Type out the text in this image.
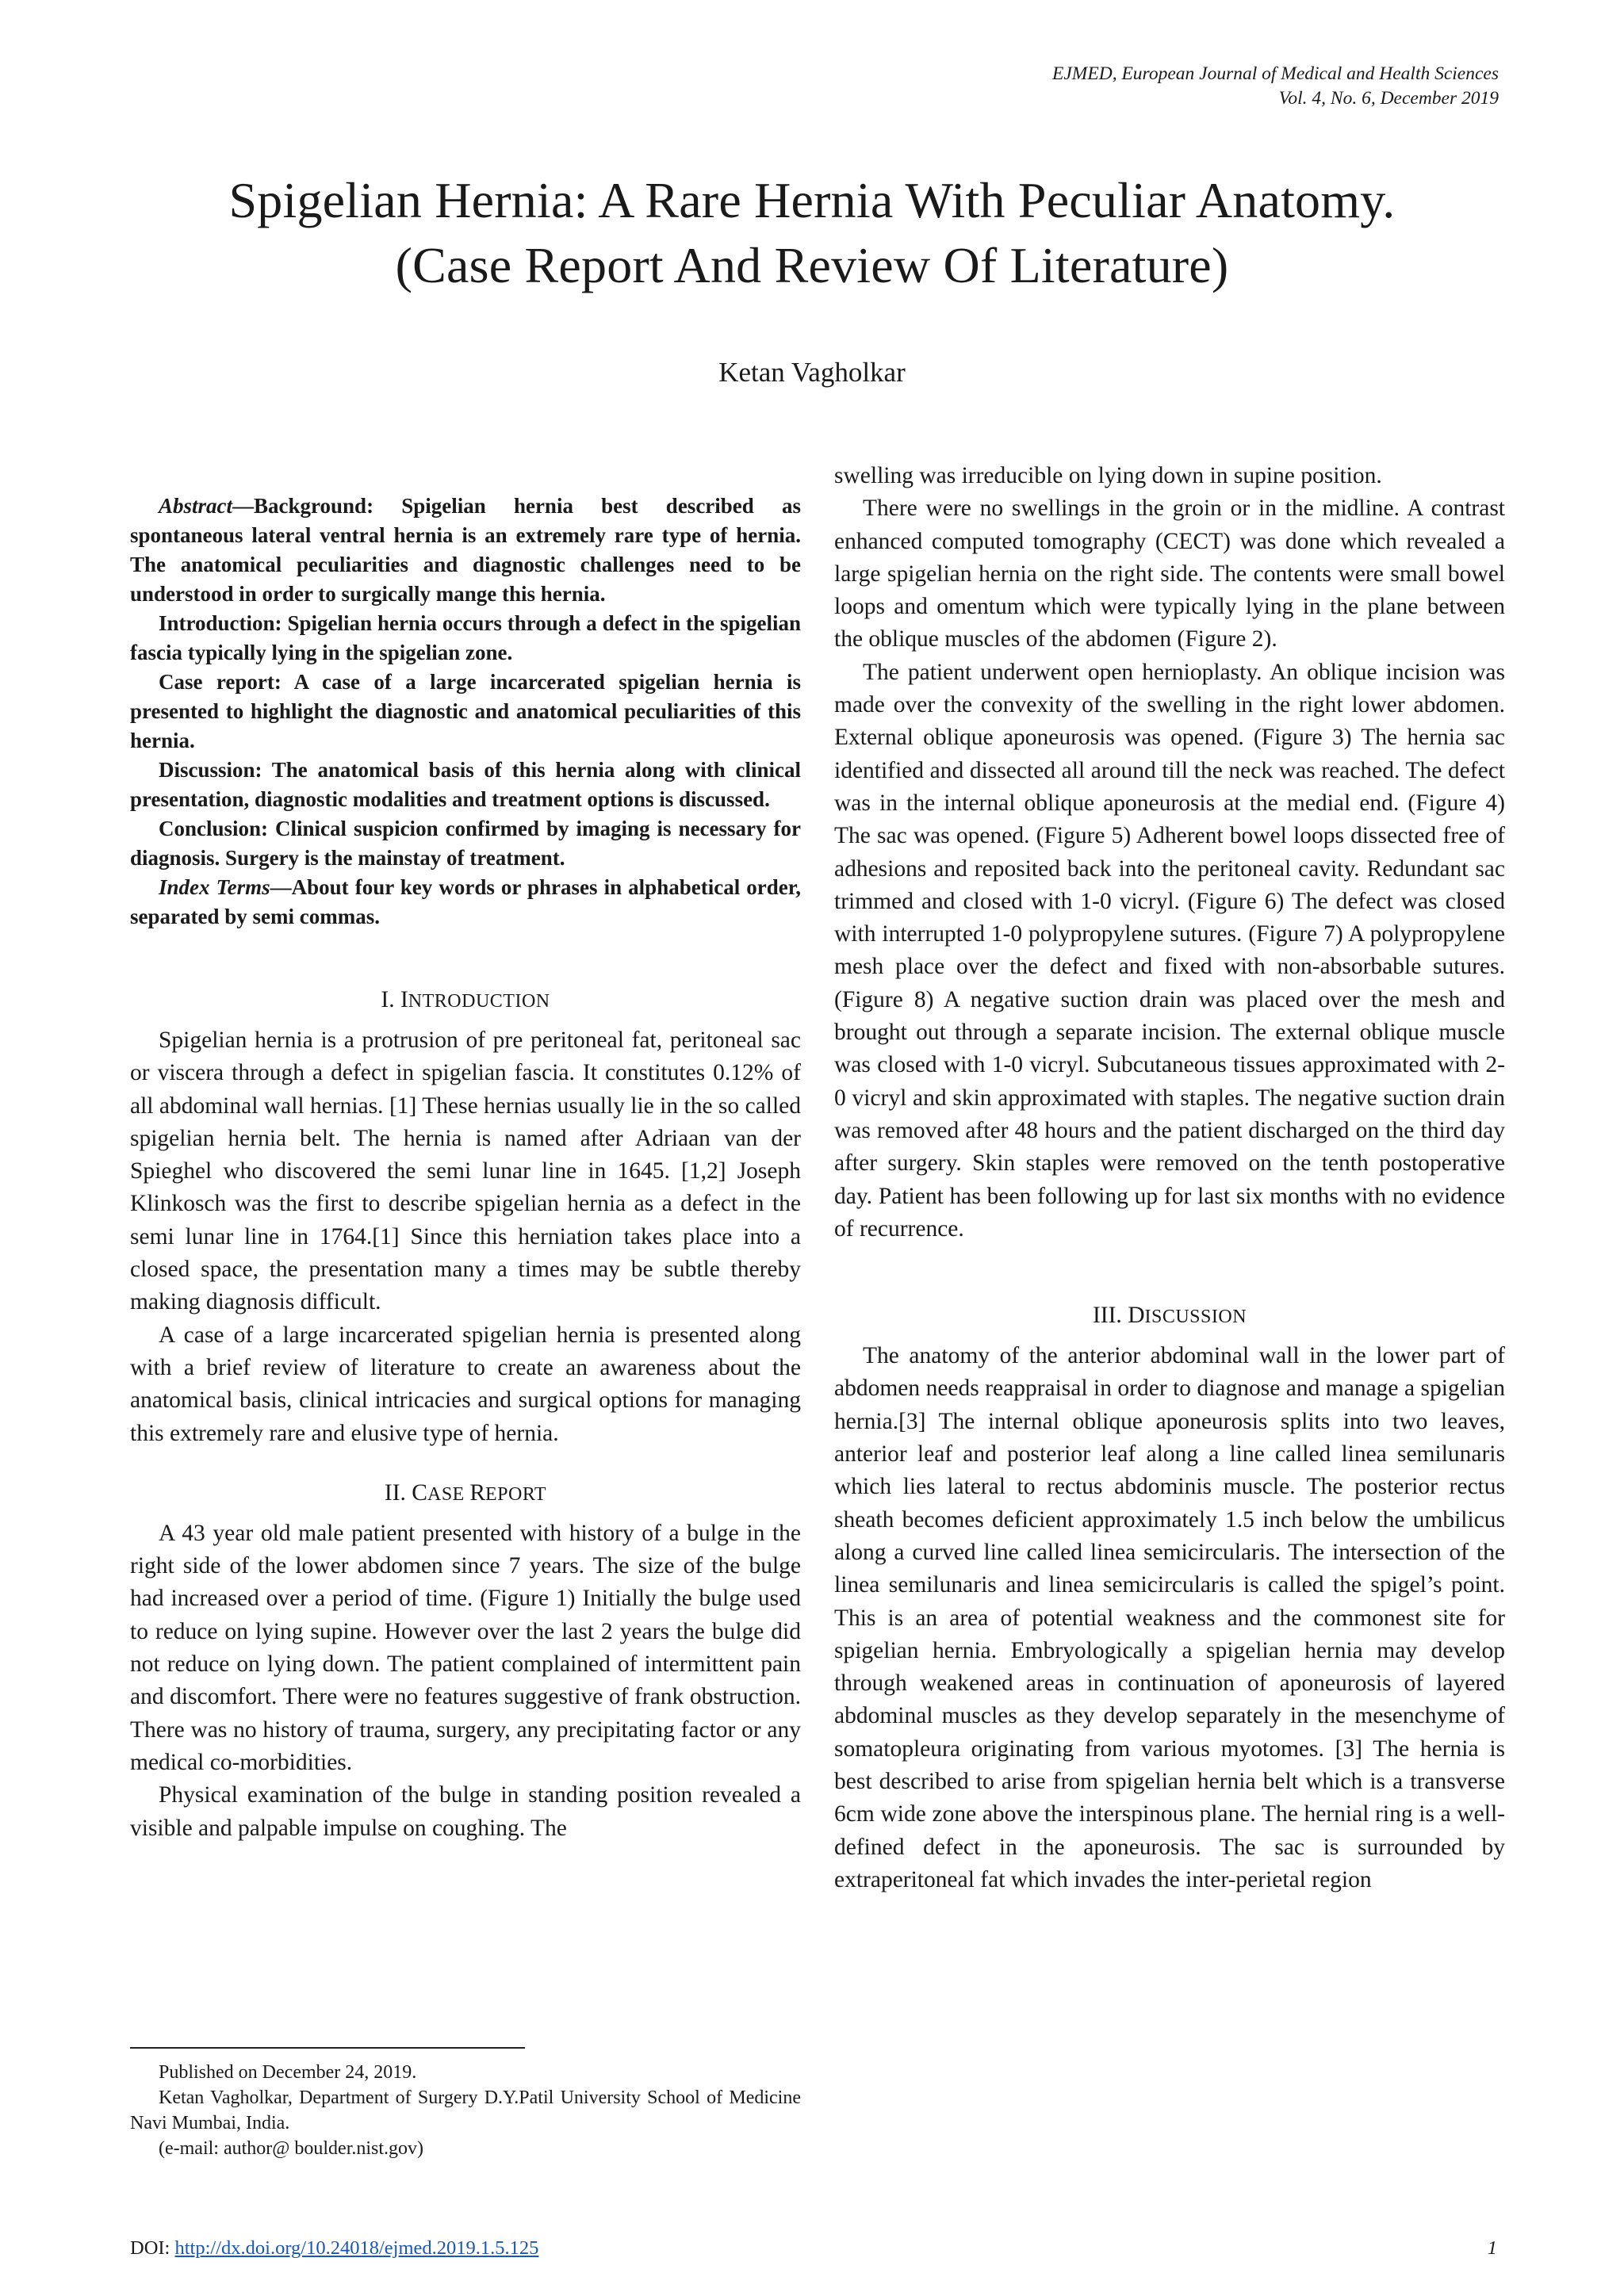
EJMED, European Journal of Medical and Health Sciences
Vol. 4, No. 6, December 2019
Spigelian Hernia: A Rare Hernia With Peculiar Anatomy.
(Case Report And Review Of Literature)
Ketan Vagholkar

Abstract—Background: Spigelian hernia best described as spontaneous lateral ventral hernia is an extremely rare type of hernia. The anatomical peculiarities and diagnostic challenges need to be understood in order to surgically mange this hernia.

Introduction: Spigelian hernia occurs through a defect in the spigelian fascia typically lying in the spigelian zone.

Case report: A case of a large incarcerated spigelian hernia is presented to highlight the diagnostic and anatomical peculiarities of this hernia.

Discussion: The anatomical basis of this hernia along with clinical presentation, diagnostic modalities and treatment options is discussed.

Conclusion: Clinical suspicion confirmed by imaging is necessary for diagnosis. Surgery is the mainstay of treatment.

Index Terms—About four key words or phrases in alphabetical order, separated by semi commas.

I. INTRODUCTION

Spigelian hernia is a protrusion of pre peritoneal fat, peritoneal sac or viscera through a defect in spigelian fascia. It constitutes 0.12% of all abdominal wall hernias. [1] These hernias usually lie in the so called spigelian hernia belt. The hernia is named after Adriaan van der Spieghel who discovered the semi lunar line in 1645. [1,2] Joseph Klinkosch was the first to describe spigelian hernia as a defect in the semi lunar line in 1764.[1] Since this herniation takes place into a closed space, the presentation many a times may be subtle thereby making diagnosis difficult.

A case of a large incarcerated spigelian hernia is presented along with a brief review of literature to create an awareness about the anatomical basis, clinical intricacies and surgical options for managing this extremely rare and elusive type of hernia.

II. CASE REPORT

A 43 year old male patient presented with history of a bulge in the right side of the lower abdomen since 7 years. The size of the bulge had increased over a period of time. (Figure 1) Initially the bulge used to reduce on lying supine. However over the last 2 years the bulge did not reduce on lying down. The patient complained of intermittent pain and discomfort. There were no features suggestive of frank obstruction. There was no history of trauma, surgery, any precipitating factor or any medical co-morbidities.

Physical examination of the bulge in standing position revealed a visible and palpable impulse on coughing. The

swelling was irreducible on lying down in supine position.

There were no swellings in the groin or in the midline. A contrast enhanced computed tomography (CECT) was done which revealed a large spigelian hernia on the right side. The contents were small bowel loops and omentum which were typically lying in the plane between the oblique muscles of the abdomen (Figure 2).

The patient underwent open hernioplasty. An oblique incision was made over the convexity of the swelling in the right lower abdomen. External oblique aponeurosis was opened. (Figure 3) The hernia sac identified and dissected all around till the neck was reached. The defect was in the internal oblique aponeurosis at the medial end. (Figure 4) The sac was opened. (Figure 5) Adherent bowel loops dissected free of adhesions and reposited back into the peritoneal cavity. Redundant sac trimmed and closed with 1-0 vicryl. (Figure 6) The defect was closed with interrupted 1-0 polypropylene sutures. (Figure 7) A polypropylene mesh place over the defect and fixed with non-absorbable sutures. (Figure 8) A negative suction drain was placed over the mesh and brought out through a separate incision. The external oblique muscle was closed with 1-0 vicryl. Subcutaneous tissues approximated with 2-0 vicryl and skin approximated with staples. The negative suction drain was removed after 48 hours and the patient discharged on the third day after surgery. Skin staples were removed on the tenth postoperative day. Patient has been following up for last six months with no evidence of recurrence.

III. DISCUSSION

The anatomy of the anterior abdominal wall in the lower part of abdomen needs reappraisal in order to diagnose and manage a spigelian hernia.[3] The internal oblique aponeurosis splits into two leaves, anterior leaf and posterior leaf along a line called linea semilunaris which lies lateral to rectus abdominis muscle. The posterior rectus sheath becomes deficient approximately 1.5 inch below the umbilicus along a curved line called linea semicircularis. The intersection of the linea semilunaris and linea semicircularis is called the spigel’s point. This is an area of potential weakness and the commonest site for spigelian hernia. Embryologically a spigelian hernia may develop through weakened areas in continuation of aponeurosis of layered abdominal muscles as they develop separately in the mesenchyme of somatopleura originating from various myotomes. [3] The hernia is best described to arise from spigelian hernia belt which is a transverse 6cm wide zone above the interspinous plane. The hernial ring is a well-defined defect in the aponeurosis. The sac is surrounded by extraperitoneal fat which invades the inter-perietal region

Published on December 24, 2019.

Ketan Vagholkar, Department of Surgery D.Y.Patil University School of Medicine Navi Mumbai, India.

(e-mail: author@ boulder.nist.gov)

DOI: http://dx.doi.org/10.24018/ejmed.2019.1.5.125	1
